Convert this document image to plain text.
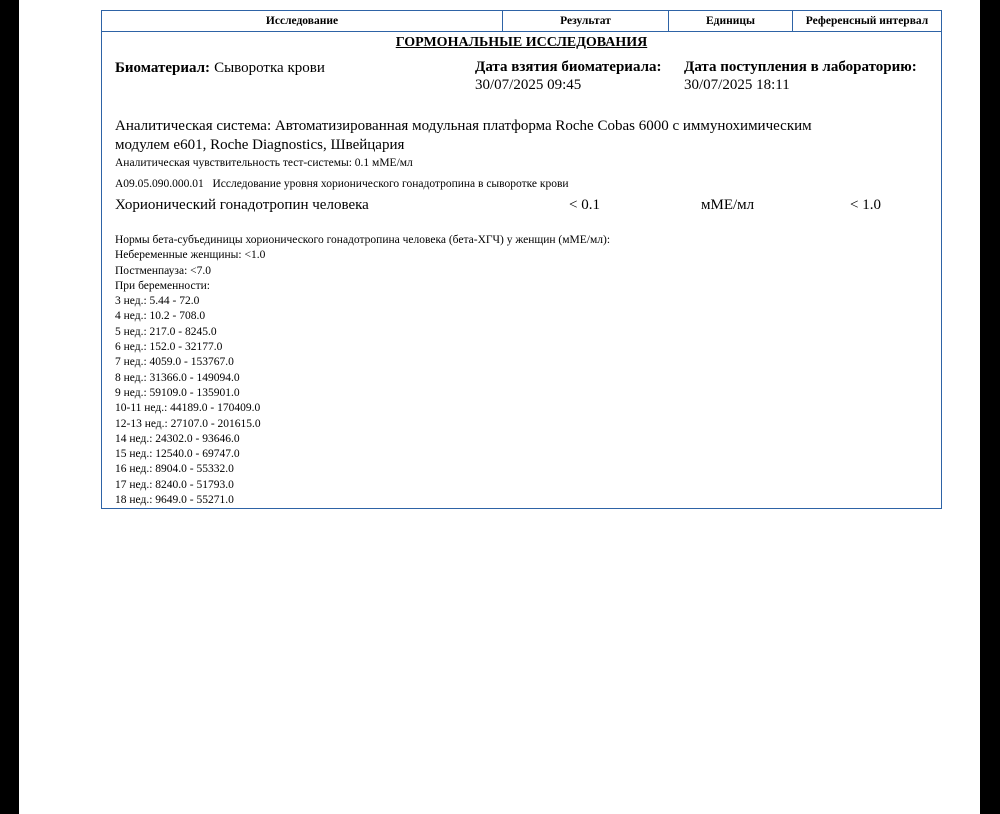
Исследование	Результат	Единицы	Референсный интервал
ГОРМОНАЛЬНЫЕ ИССЛЕДОВАНИЯ
Биоматериал: Сыворотка крови	Дата взятия биоматериала:
30/07/2025 09:45
Дата поступления в лабораторию:
30/07/2025 18:11
Аналитическая система: Автоматизированная модульная платформа Roche Cobas 6000 с иммунохимическим
модулем e601, Roche Diagnostics, Швейцария
Аналитическая чувствительность тест-системы: 0.1 мМЕ/мл
A09.05.090.000.01 Исследование уровня хорионического гонадотропина в сыворотке крови
Хорионический гонадотропин человека	< 0.1	мМЕ/мл	< 1.0
Нормы бета-субъединицы хорионического гонадотропина человека (бета-ХГЧ) у женщин (мМЕ/мл):
Небеременные женщины: <1.0
Постменпауза: <7.0
При беременности:
3 нед.: 5.44 - 72.0
4 нед.: 10.2 - 708.0
5 нед.: 217.0 - 8245.0
6 нед.: 152.0 - 32177.0
7 нед.: 4059.0 - 153767.0
8 нед.: 31366.0 - 149094.0
9 нед.: 59109.0 - 135901.0
10-11 нед.: 44189.0 - 170409.0
12-13 нед.: 27107.0 - 201615.0
14 нед.: 24302.0 - 93646.0
15 нед.: 12540.0 - 69747.0
16 нед.: 8904.0 - 55332.0
17 нед.: 8240.0 - 51793.0
18 нед.: 9649.0 - 55271.0
